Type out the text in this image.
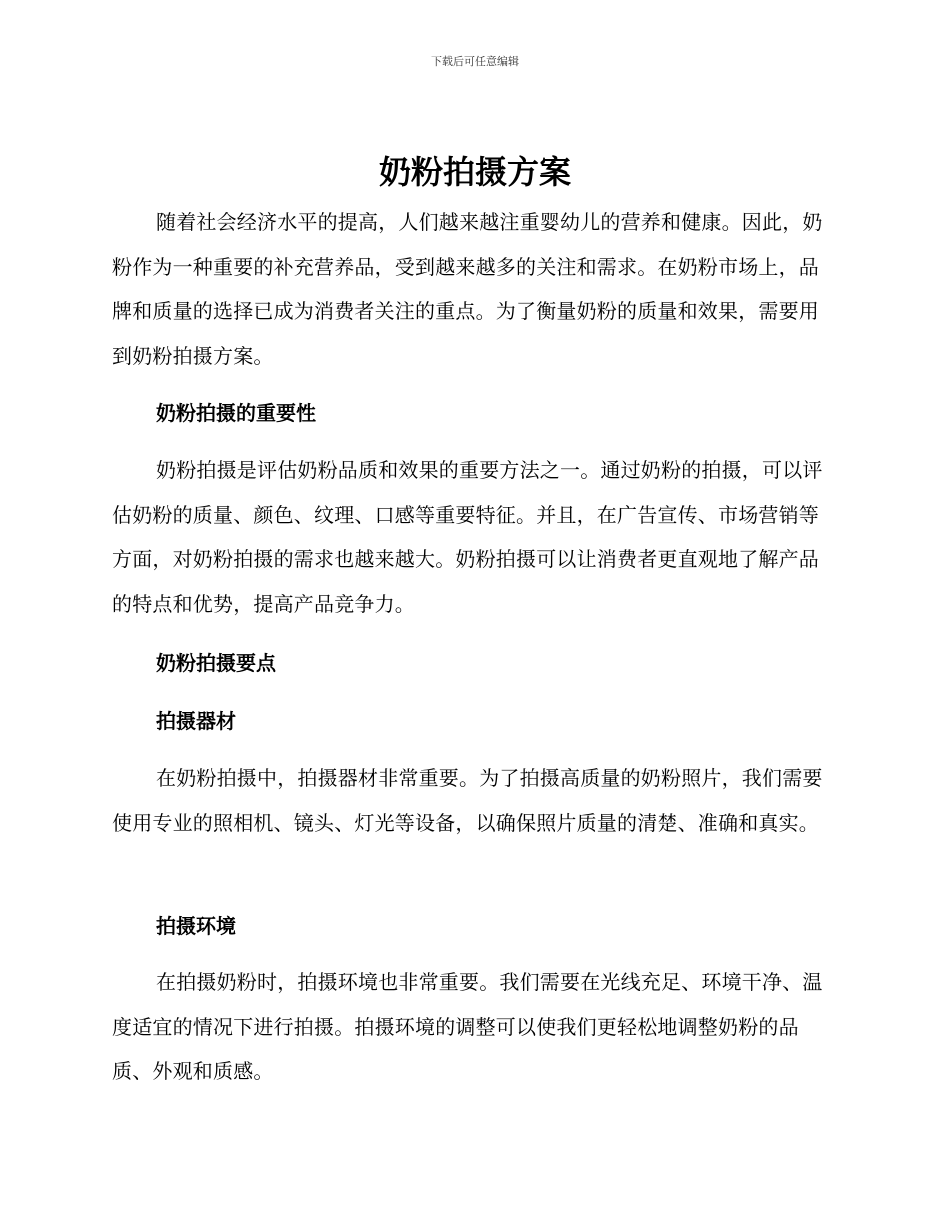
下载后可任意编辑
奶粉拍摄方案

随着社会经济水平的提高，人们越来越注重婴幼儿的营养和健康。因此，奶粉作为一种重要的补充营养品，受到越来越多的关注和需求。在奶粉市场上，品牌和质量的选择已成为消费者关注的重点。为了衡量奶粉的质量和效果，需要用到奶粉拍摄方案。

奶粉拍摄的重要性

奶粉拍摄是评估奶粉品质和效果的重要方法之一。通过奶粉的拍摄，可以评估奶粉的质量、颜色、纹理、口感等重要特征。并且，在广告宣传、市场营销等方面，对奶粉拍摄的需求也越来越大。奶粉拍摄可以让消费者更直观地了解产品的特点和优势，提高产品竞争力。

奶粉拍摄要点
拍摄器材

在奶粉拍摄中，拍摄器材非常重要。为了拍摄高质量的奶粉照片，我们需要使用专业的照相机、镜头、灯光等设备，以确保照片质量的清楚、准确和真实。

拍摄环境

在拍摄奶粉时，拍摄环境也非常重要。我们需要在光线充足、环境干净、温度适宜的情况下进行拍摄。拍摄环境的调整可以使我们更轻松地调整奶粉的品质、外观和质感。
